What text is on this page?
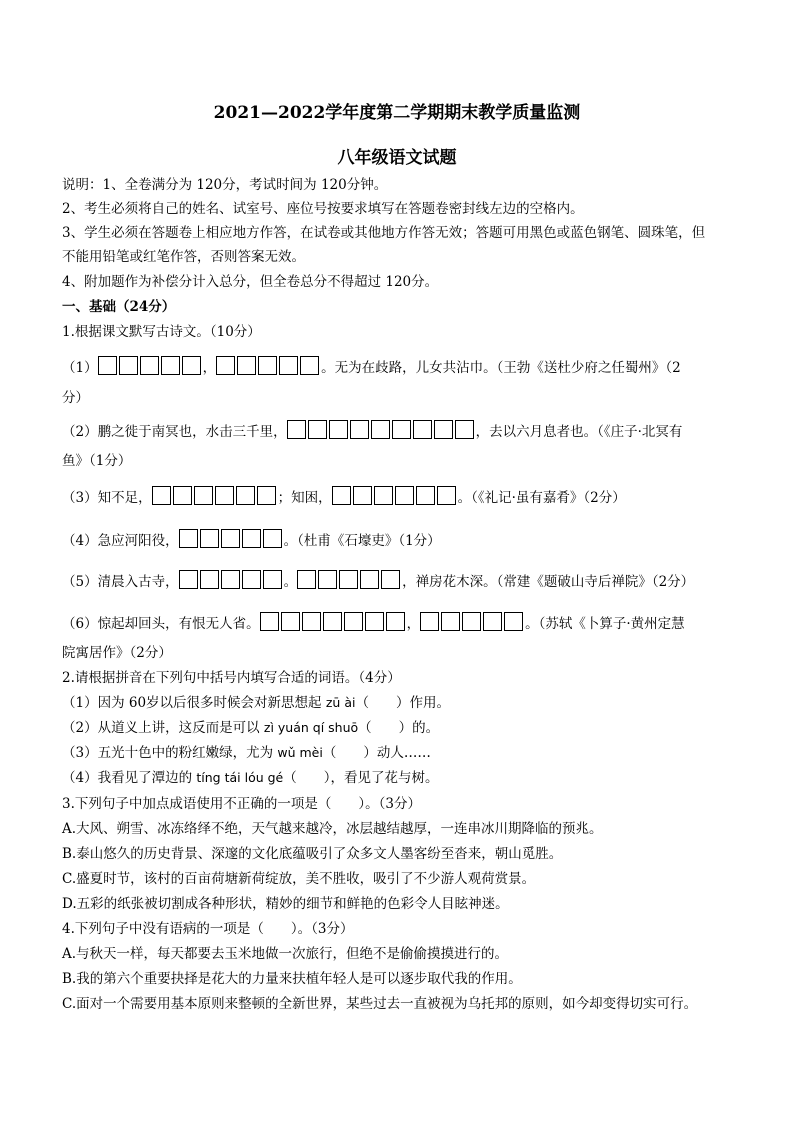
2021—2022学年度第二学期期末教学质量监测
八年级语文试题
说明：1、全卷满分为 120分，考试时间为 120分钟。
2、考生必须将自己的姓名、试室号、座位号按要求填写在答题卷密封线左边的空格内。
3、学生必须在答题卷上相应地方作答，在试卷或其他地方作答无效；答题可用黑色或蓝色钢笔、圆珠笔，但
不能用铅笔或红笔作答，否则答案无效。
4、附加题作为补偿分计入总分，但全卷总分不得超过 120分。
一、基础（24分）
1.根据课文默写古诗文。（10分）
（1）	，	。无为在歧路，儿女共沾巾。（王勃《送杜少府之任蜀州》（2
分）
（2）鹏之徙于南冥也，水击三千里，	，去以六月息者也。（《庄子·北冥有
鱼》（1分）
（3）知不足，	；知困，	。（《礼记·虽有嘉肴》（2分）
（4）急应河阳役，	。（杜甫《石壕吏》（1分）
（5）清晨入古寺，	。	，禅房花木深。（常建《题破山寺后禅院》（2分）
（6）惊起却回头，有恨无人省。	，	。（苏轼《卜算子·黄州定慧
院寓居作》（2分）
2.请根据拼音在下列句中括号内填写合适的词语。（4分）
（1）因为 60岁以后很多时候会对新思想起 zū ài（　　）作用。
（2）从道义上讲，这反而是可以 zì yuán qí shuō（　　）的。
（3）五光十色中的粉红嫩绿，尤为 wǔ mèi（　　）动人……
（4）我看见了潭边的 tíng tái lóu gé（　　），看见了花与树。
3.下列句子中加点成语使用不正确的一项是（　　）。（3分）
A.大风、朔雪、冰冻络绎不绝，天气越来越冷，冰层越结越厚，一连串冰川期降临的预兆。
B.泰山悠久的历史背景、深邃的文化底蕴吸引了众多文人墨客纷至沓来，朝山觅胜。
C.盛夏时节，该村的百亩荷塘新荷绽放，美不胜收，吸引了不少游人观荷赏景。
D.五彩的纸张被切割成各种形状，精妙的细节和鲜艳的色彩令人目眩神迷。
4.下列句子中没有语病的一项是（　　）。（3分）
A.与秋天一样，每天都要去玉米地做一次旅行，但绝不是偷偷摸摸进行的。
B.我的第六个重要抉择是花大的力量来扶植年轻人是可以逐步取代我的作用。
C.面对一个需要用基本原则来整顿的全新世界，某些过去一直被视为乌托邦的原则，如今却变得切实可行。
